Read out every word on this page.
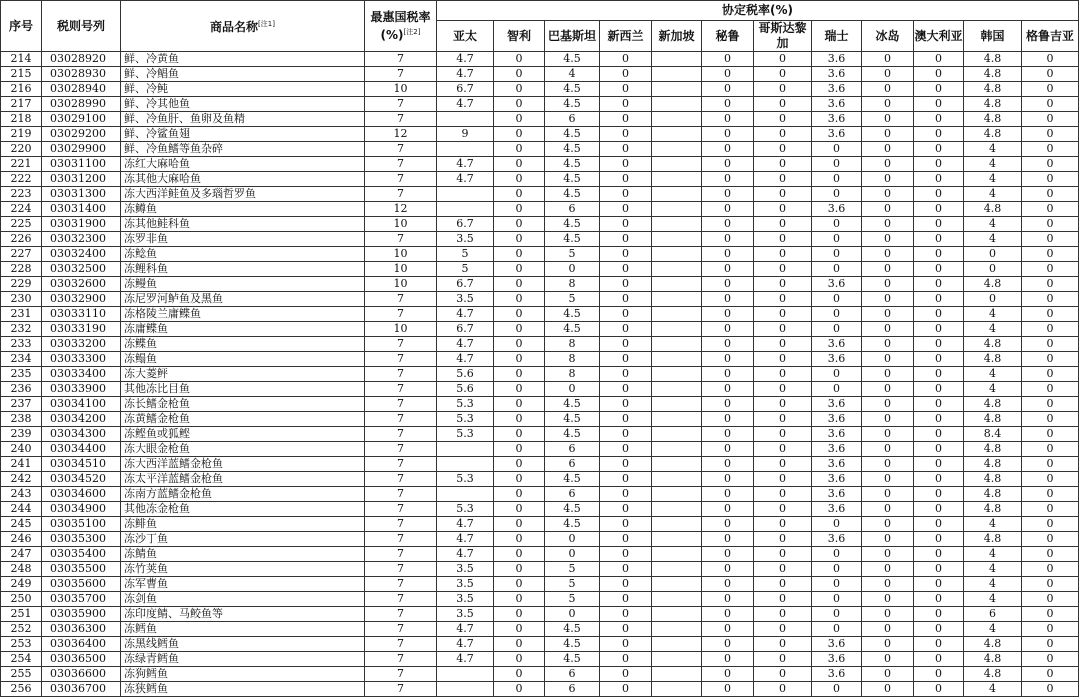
序号	税则号列	商品名称[注1]	最惠国税率
(%)[注2]	协定税率(%)											
				亚太	智利	巴基斯坦	新西兰	新加坡	秘鲁	哥斯达黎加	瑞士	冰岛	澳大利亚	韩国	格鲁吉亚
214	03028920	鲜、冷黄鱼	7	4.7	0	4.5	0		0	0	3.6	0	0	4.8	0
215	03028930	鲜、冷鲳鱼	7	4.7	0	4	0		0	0	3.6	0	0	4.8	0
216	03028940	鲜、冷鲀	10	6.7	0	4.5	0		0	0	3.6	0	0	4.8	0
217	03028990	鲜、冷其他鱼	7	4.7	0	4.5	0		0	0	3.6	0	0	4.8	0
218	03029100	鲜、冷鱼肝、鱼卵及鱼精	7		0	6	0		0	0	3.6	0	0	4.8	0
219	03029200	鲜、冷鲨鱼翅	12	9	0	4.5	0		0	0	3.6	0	0	4.8	0
220	03029900	鲜、冷鱼鳍等鱼杂碎	7		0	4.5	0		0	0	0	0	0	4	0
221	03031100	冻红大麻哈鱼	7	4.7	0	4.5	0		0	0	0	0	0	4	0
222	03031200	冻其他大麻哈鱼	7	4.7	0	4.5	0		0	0	0	0	0	4	0
223	03031300	冻大西洋鲑鱼及多瑙哲罗鱼	7		0	4.5	0		0	0	0	0	0	4	0
224	03031400	冻鳟鱼	12		0	6	0		0	0	3.6	0	0	4.8	0
225	03031900	冻其他鲑科鱼	10	6.7	0	4.5	0		0	0	0	0	0	4	0
226	03032300	冻罗非鱼	7	3.5	0	4.5	0		0	0	0	0	0	4	0
227	03032400	冻鲶鱼	10	5	0	5	0		0	0	0	0	0	0	0
228	03032500	冻鲤科鱼	10	5	0	0	0		0	0	0	0	0	0	0
229	03032600	冻鳗鱼	10	6.7	0	8	0		0	0	3.6	0	0	4.8	0
230	03032900	冻尼罗河鲈鱼及黑鱼	7	3.5	0	5	0		0	0	0	0	0	0	0
231	03033110	冻格陵兰庸鲽鱼	7	4.7	0	4.5	0		0	0	0	0	0	4	0
232	03033190	冻庸鲽鱼	10	6.7	0	4.5	0		0	0	0	0	0	4	0
233	03033200	冻鲽鱼	7	4.7	0	8	0		0	0	3.6	0	0	4.8	0
234	03033300	冻鳎鱼	7	4.7	0	8	0		0	0	3.6	0	0	4.8	0
235	03033400	冻大菱鲆	7	5.6	0	8	0		0	0	0	0	0	4	0
236	03033900	其他冻比目鱼	7	5.6	0	0	0		0	0	0	0	0	4	0
237	03034100	冻长鳍金枪鱼	7	5.3	0	4.5	0		0	0	3.6	0	0	4.8	0
238	03034200	冻黄鳍金枪鱼	7	5.3	0	4.5	0		0	0	3.6	0	0	4.8	0
239	03034300	冻鲣鱼或狐鲣	7	5.3	0	4.5	0		0	0	3.6	0	0	8.4	0
240	03034400	冻大眼金枪鱼	7		0	6	0		0	0	3.6	0	0	4.8	0
241	03034510	冻大西洋蓝鳍金枪鱼	7		0	6	0		0	0	3.6	0	0	4.8	0
242	03034520	冻太平洋蓝鳍金枪鱼	7	5.3	0	4.5	0		0	0	3.6	0	0	4.8	0
243	03034600	冻南方蓝鳍金枪鱼	7		0	6	0		0	0	3.6	0	0	4.8	0
244	03034900	其他冻金枪鱼	7	5.3	0	4.5	0		0	0	3.6	0	0	4.8	0
245	03035100	冻鲱鱼	7	4.7	0	4.5	0		0	0	0	0	0	4	0
246	03035300	冻沙丁鱼	7	4.7	0	0	0		0	0	3.6	0	0	4.8	0
247	03035400	冻鲭鱼	7	4.7	0	0	0		0	0	0	0	0	4	0
248	03035500	冻竹荚鱼	7	3.5	0	5	0		0	0	0	0	0	4	0
249	03035600	冻军曹鱼	7	3.5	0	5	0		0	0	0	0	0	4	0
250	03035700	冻剑鱼	7	3.5	0	5	0		0	0	0	0	0	4	0
251	03035900	冻印度鲭、马鲛鱼等	7	3.5	0	0	0		0	0	0	0	0	6	0
252	03036300	冻鳕鱼	7	4.7	0	4.5	0		0	0	0	0	0	4	0
253	03036400	冻黑线鳕鱼	7	4.7	0	4.5	0		0	0	3.6	0	0	4.8	0
254	03036500	冻绿青鳕鱼	7	4.7	0	4.5	0		0	0	3.6	0	0	4.8	0
255	03036600	冻狗鳕鱼	7		0	6	0		0	0	3.6	0	0	4.8	0
256	03036700	冻狭鳕鱼	7		0	6	0		0	0	0	0	0	4	0
